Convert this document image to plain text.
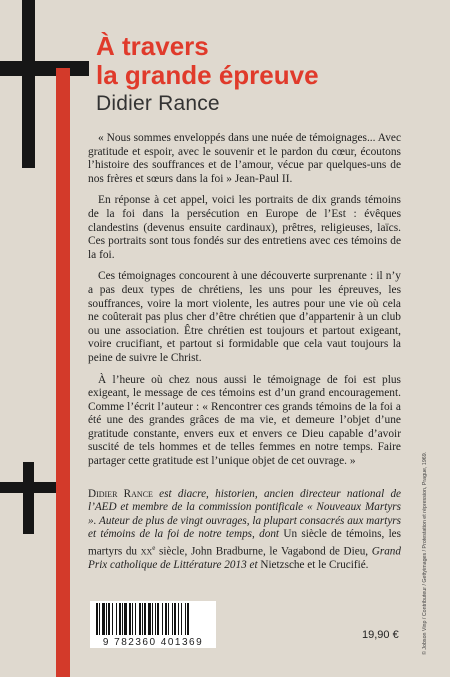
À travers
la grande épreuve
Didier Rance

« Nous sommes enveloppés dans une nuée de témoignages... Avec gratitude et espoir, avec le souvenir et le pardon du cœur, écoutons l’histoire des souffrances et de l’amour, vécue par quelques-uns de nos frères et sœurs dans la foi » Jean-Paul II.

En réponse à cet appel, voici les portraits de dix grands témoins de la foi dans la persécution en Europe de l’Est : évêques clandestins (devenus ensuite cardinaux), prêtres, religieuses, laïcs. Ces portraits sont tous fondés sur des entretiens avec ces témoins de la foi.

Ces témoignages concourent à une découverte surprenante : il n’y a pas deux types de chrétiens, les uns pour les épreuves, les souffrances, voire la mort violente, les autres pour une vie où cela ne coûterait pas plus cher d’être chrétien que d’appartenir à un club ou une association. Être chrétien est toujours et partout exigeant, voire crucifiant, et partout si formidable que cela vaut toujours la peine de suivre le Christ.

À l’heure où chez nous aussi le témoignage de foi est plus exigeant, le message de ces témoins est d’un grand encouragement. Comme l’écrit l’auteur : « Rencontrer ces grands témoins de la foi a été une des grandes grâces de ma vie, et demeure l’objet d’une gratitude constante, envers eux et envers ce Dieu capable d’avoir suscité de tels hommes et de telles femmes en notre temps. Faire partager cette gratitude est l’unique objet de cet ouvrage. »

Didier Rance est diacre, historien, ancien directeur national de l’AED et membre de la commission pontificale « Nouveaux Martyrs ». Auteur de plus de vingt ouvrages, la plupart consacrés aux martyrs et témoins de la foi de notre temps, dont Un siècle de témoins, les martyrs du $xx^e$ siècle, John Bradburne, le Vagabond de Dieu, Grand Prix catholique de Littérature 2013 et Nietzsche et le Crucifié.	© Jobson Vinp / Contributeur / Gettyimages / Protestation et répression, Prague, 1969.
9 782360 401369
19,90 €
